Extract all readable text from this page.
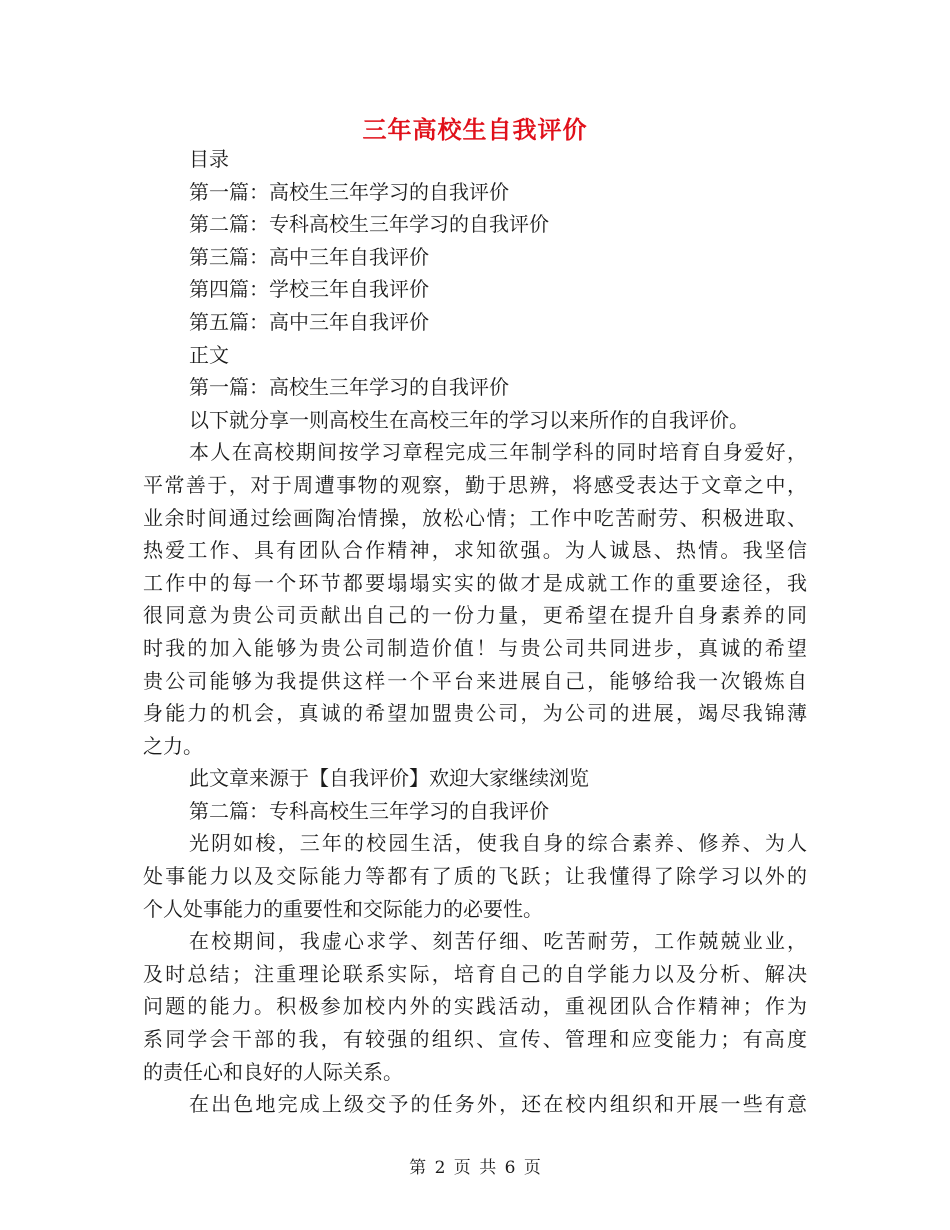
三年高校生自我评价
目录
第一篇：高校生三年学习的自我评价
第二篇：专科高校生三年学习的自我评价
第三篇：高中三年自我评价
第四篇：学校三年自我评价
第五篇：高中三年自我评价
正文
第一篇：高校生三年学习的自我评价
以下就分享一则高校生在高校三年的学习以来所作的自我评价。
本人在高校期间按学习章程完成三年制学科的同时培育自身爱好，
平常善于，对于周遭事物的观察，勤于思辨，将感受表达于文章之中，
业余时间通过绘画陶冶情操，放松心情；工作中吃苦耐劳、积极进取、
热爱工作、具有团队合作精神，求知欲强。为人诚恳、热情。我坚信
工作中的每一个环节都要塌塌实实的做才是成就工作的重要途径，我
很同意为贵公司贡献出自己的一份力量，更希望在提升自身素养的同
时我的加入能够为贵公司制造价值！与贵公司共同进步，真诚的希望
贵公司能够为我提供这样一个平台来进展自己，能够给我一次锻炼自
身能力的机会，真诚的希望加盟贵公司，为公司的进展，竭尽我锦薄
之力。
此文章来源于【自我评价】欢迎大家继续浏览
第二篇：专科高校生三年学习的自我评价
光阴如梭，三年的校园生活，使我自身的综合素养、修养、为人
处事能力以及交际能力等都有了质的飞跃；让我懂得了除学习以外的
个人处事能力的重要性和交际能力的必要性。
在校期间，我虚心求学、刻苦仔细、吃苦耐劳，工作兢兢业业，
及时总结；注重理论联系实际，培育自己的自学能力以及分析、解决
问题的能力。积极参加校内外的实践活动，重视团队合作精神；作为
系同学会干部的我，有较强的组织、宣传、管理和应变能力；有高度
的责任心和良好的人际关系。
在出色地完成上级交予的任务外，还在校内组织和开展一些有意
第 2 页 共 6 页
